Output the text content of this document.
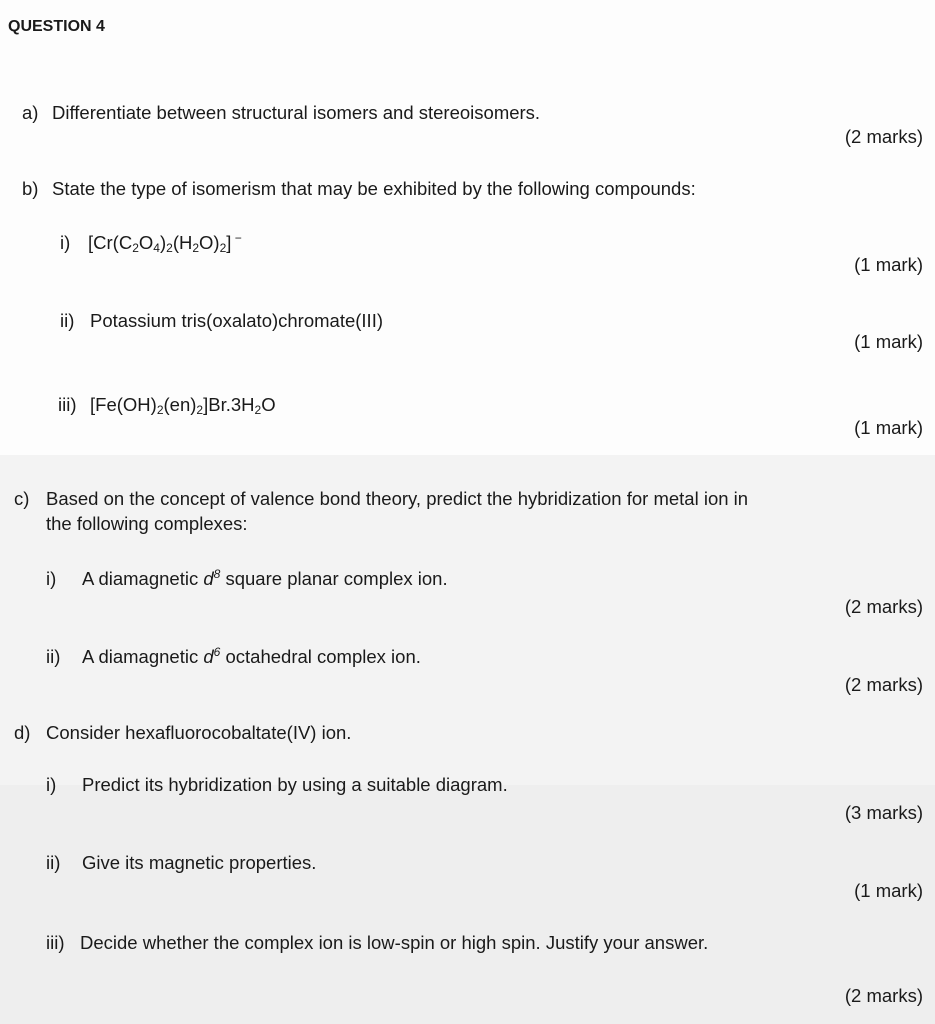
QUESTION 4
a) Differentiate between structural isomers and stereoisomers.
(2 marks)
b) State the type of isomerism that may be exhibited by the following compounds:
i) $[Cr(C_2O_4)_2(H_2O)_2]$ −
(1 mark)
ii) Potassium tris(oxalato)chromate(III)
(1 mark)
iii) $[Fe(OH)_2(en)_2]Br.3H_2O$
(1 mark)
c) Based on the concept of valence bond theory, predict the hybridization for metal ion in
the following complexes:
i) A diamagnetic $d^8$ square planar complex ion.
(2 marks)
ii) A diamagnetic $d^6$ octahedral complex ion.
(2 marks)
d) Consider hexafluorocobaltate(IV) ion.
i) Predict its hybridization by using a suitable diagram.
(3 marks)
ii) Give its magnetic properties.
(1 mark)
iii) Decide whether the complex ion is low-spin or high spin. Justify your answer.
(2 marks)
